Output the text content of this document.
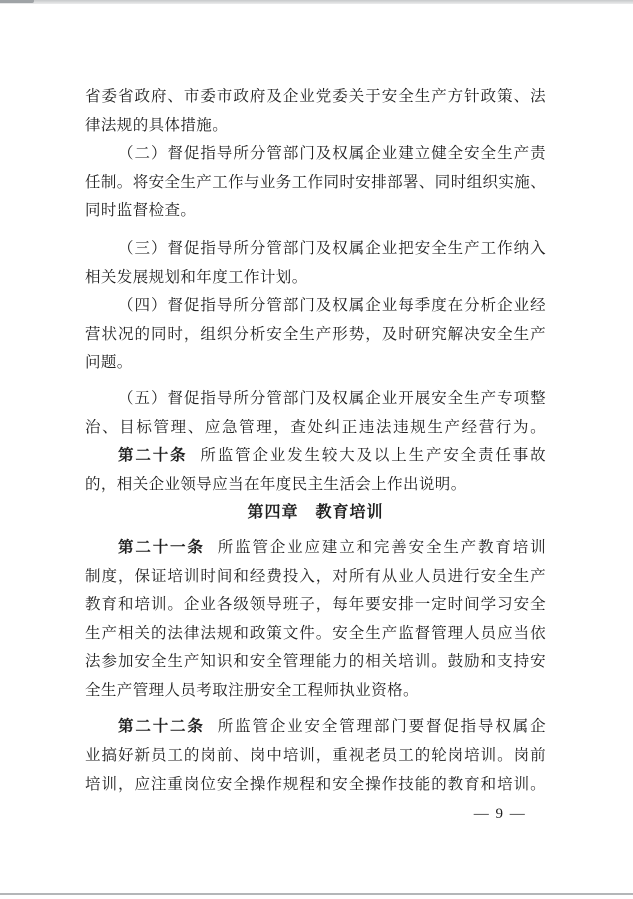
省委省政府、市委市政府及企业党委关于安全生产方针政策、法
律法规的具体措施。
（二）督促指导所分管部门及权属企业建立健全安全生产责
任制。将安全生产工作与业务工作同时安排部署、同时组织实施、
同时监督检查。
（三）督促指导所分管部门及权属企业把安全生产工作纳入
相关发展规划和年度工作计划。
（四）督促指导所分管部门及权属企业每季度在分析企业经
营状况的同时，组织分析安全生产形势，及时研究解决安全生产
问题。
（五）督促指导所分管部门及权属企业开展安全生产专项整
治、目标管理、应急管理，查处纠正违法违规生产经营行为。
第二十条 所监管企业发生较大及以上生产安全责任事故
的，相关企业领导应当在年度民主生活会上作出说明。
第四章　教育培训
第二十一条 所监管企业应建立和完善安全生产教育培训
制度，保证培训时间和经费投入，对所有从业人员进行安全生产
教育和培训。企业各级领导班子，每年要安排一定时间学习安全
生产相关的法律法规和政策文件。安全生产监督管理人员应当依
法参加安全生产知识和安全管理能力的相关培训。鼓励和支持安
全生产管理人员考取注册安全工程师执业资格。
第二十二条 所监管企业安全管理部门要督促指导权属企
业搞好新员工的岗前、岗中培训，重视老员工的轮岗培训。岗前
培训，应注重岗位安全操作规程和安全操作技能的教育和培训。
— 9 —
